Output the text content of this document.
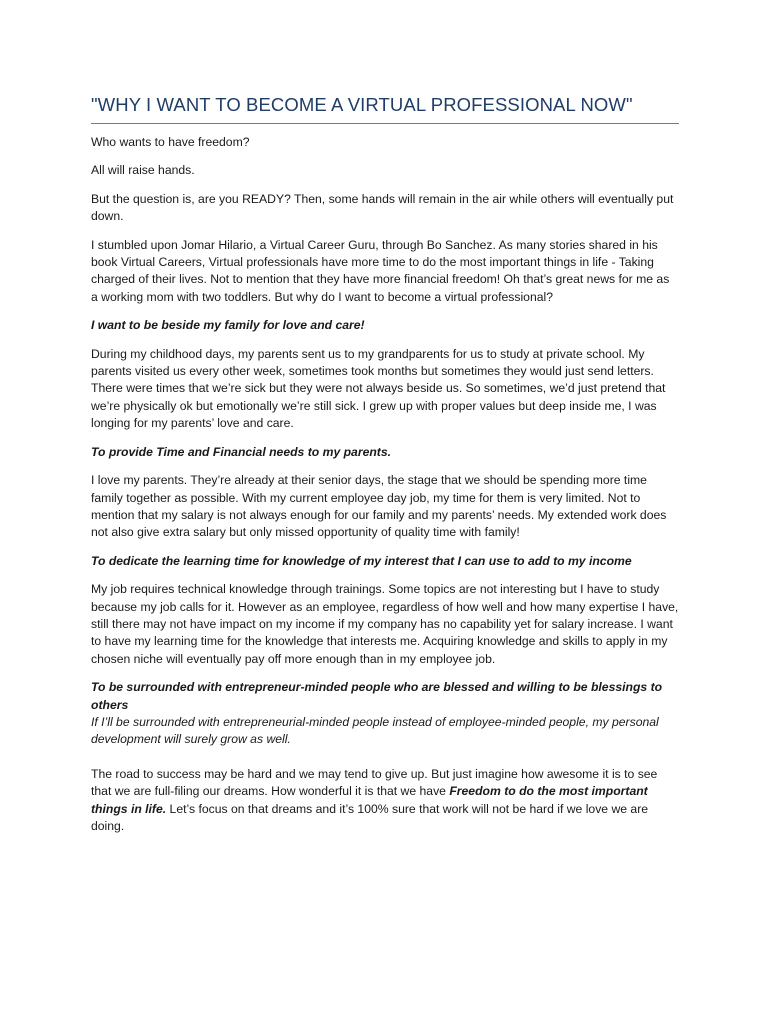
"WHY I WANT TO BECOME A VIRTUAL PROFESSIONAL NOW"

Who wants to have freedom?

All will raise hands.

But the question is, are you READY? Then, some hands will remain in the air while others will eventually put down.

I stumbled upon Jomar Hilario, a Virtual Career Guru, through Bo Sanchez. As many stories shared in his book Virtual Careers, Virtual professionals have more time to do the most important things in life - Taking charged of their lives. Not to mention that they have more financial freedom! Oh that’s great news for me as a working mom with two toddlers. But why do I want to become a virtual professional?

I want to be beside my family for love and care!

During my childhood days, my parents sent us to my grandparents for us to study at private school. My parents visited us every other week, sometimes took months but sometimes they would just send letters. There were times that we’re sick but they were not always beside us. So sometimes, we’d just pretend that we’re physically ok but emotionally we’re still sick. I grew up with proper values but deep inside me, I was longing for my parents’ love and care.

To provide Time and Financial needs to my parents.

I love my parents. They’re already at their senior days, the stage that we should be spending more time family together as possible. With my current employee day job, my time for them is very limited. Not to mention that my salary is not always enough for our family and my parents’ needs. My extended work does not also give extra salary but only missed opportunity of quality time with family!

To dedicate the learning time for knowledge of my interest that I can use to add to my income

My job requires technical knowledge through trainings. Some topics are not interesting but I have to study because my job calls for it. However as an employee, regardless of how well and how many expertise I have, still there may not have impact on my income if my company has no capability yet for salary increase. I want to have my learning time for the knowledge that interests me. Acquiring knowledge and skills to apply in my chosen niche will eventually pay off more enough than in my employee job.

To be surrounded with entrepreneur-minded people who are blessed and willing to be blessings to others

If I’ll be surrounded with entrepreneurial-minded people instead of employee-minded people, my personal development will surely grow as well.

The road to success may be hard and we may tend to give up. But just imagine how awesome it is to see that we are full-filing our dreams. How wonderful it is that we have Freedom to do the most important things in life. Let’s focus on that dreams and it’s 100% sure that work will not be hard if we love we are doing.
